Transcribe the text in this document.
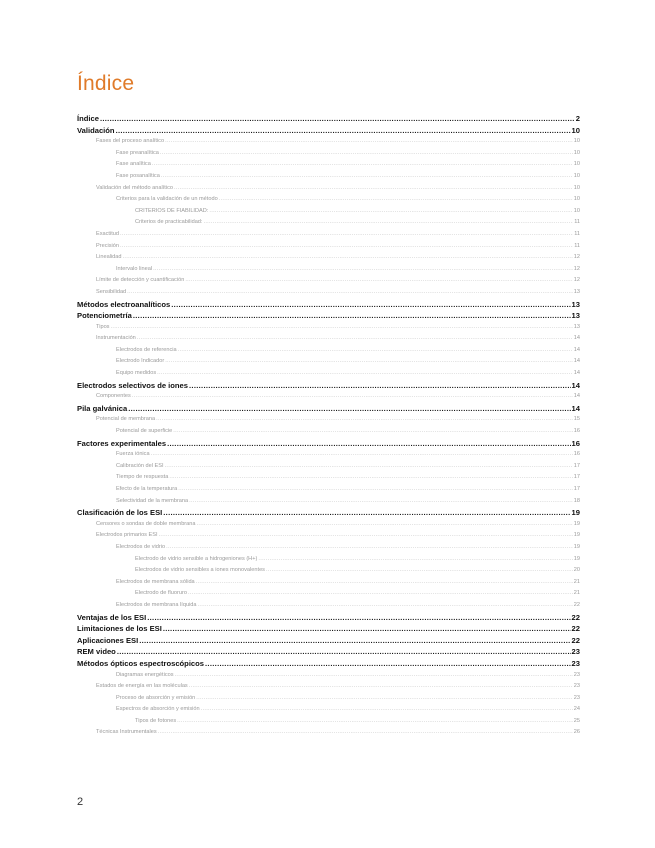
Índice
Índice .....	2
Validación .....	10
Fases del proceso analítico .....	10
Fase preanalítica .....	10
Fase analítica .....	10
Fase posanalítica .....	10
Validación del método analítico .....	10
Criterios para la validación de un método .....	10
CRITERIOS DE FIABILIDAD: .....	10
Criterios de practicabilidad: .....	11
Exactitud .....	11
Precisión .....	11
Linealidad .....	12
Intervalo lineal .....	12
Límite de detección y cuantificación .....	12
Sensibilidad .....	13
Métodos electroanalíticos .....	13
Potenciometría .....	13
Tipos .....	13
Instrumentación .....	14
Electrodos de referencia .....	14
Electrodo Indicador .....	14
Equipo medidos .....	14
Electrodos selectivos de iones .....	14
Componentes .....	14
Pila galvánica .....	14
Potencial de membrana .....	15
Potencial de superficie .....	16
Factores experimentales .....	16
Fuerza iónica .....	16
Calibración del ESI .....	17
Tiempo de respuesta .....	17
Efecto de la temperatura .....	17
Selectividad de la membrana .....	18
Clasificación de los ESI .....	19
Censores o sondas de doble membrana .....	19
Electrodos primarios ESI .....	19
Electrodos de vidrio .....	19
Electrodo de vidrio sensible a hidrogeniones (H+) .....	19
Electrodos de vidrio sensibles a iones monovalentes .....	20
Electrodos de membrana sólida .....	21
Electrodo de fluoruro .....	21
Electrodos de membrana líquida .....	22
Ventajas de los ESI .....	22
Limitaciones de los ESI .....	22
Aplicaciones ESI .....	22
REM video .....	23
Métodos ópticos espectroscópicos .....	23
Diagramas energéticos .....	23
Estados de energía en las moléculas .....	23
Proceso de absorción y emisión .....	23
Espectros de absorción y emisión .....	24
Tipos de fotones .....	25
Técnicas Instrumentales .....	26
2
